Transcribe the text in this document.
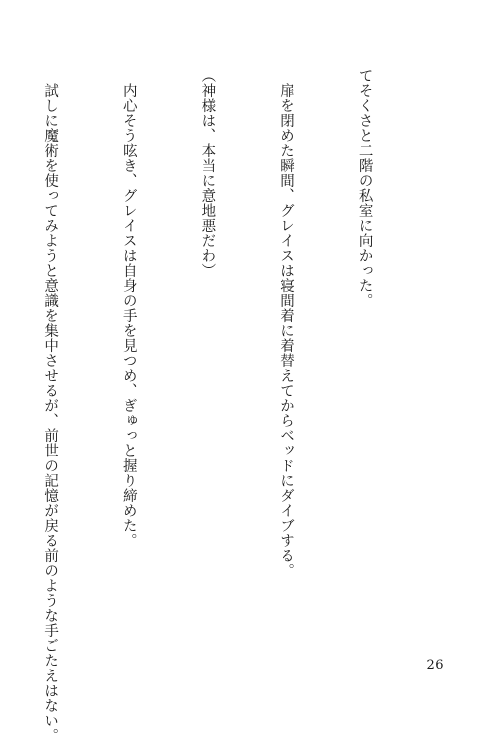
てそくさと二階の私室に向かった。

扉を閉めた瞬間、グレイスは寝間着に着替えてからベッドにダイブする。

（神様は、本当に意地悪だわ）

内心そう呟き、グレイスは自身の手を見つめ、ぎゅっと握り締めた。

試しに魔術を使ってみようと意識を集中させるが、前世の記憶が戻る前のような手ごたえはない。

	26
